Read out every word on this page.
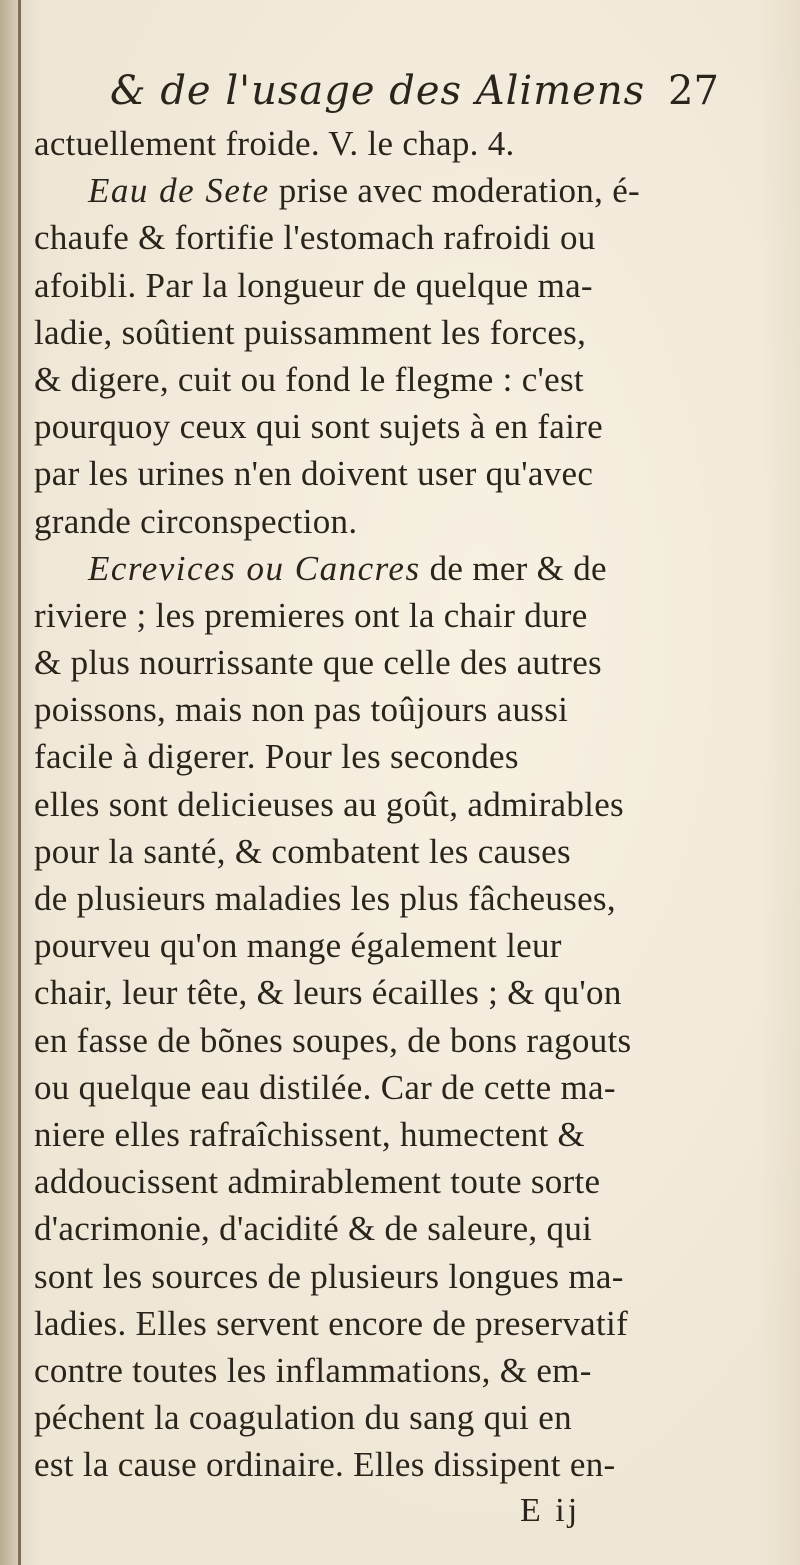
& de l'usage des Alimens 27
actuellement froide. V. le chap. 4.
Eau de Sete prise avec moderation, é-
chaufe & fortifie l'estomach rafroidi ou
afoibli. Par la longueur de quelque ma-
ladie, soûtient puissamment les forces,
& digere, cuit ou fond le flegme : c'est
pourquoy ceux qui sont sujets à en faire
par les urines n'en doivent user qu'avec
grande circonspection.
Ecrevices ou Cancres de mer & de
riviere ; les premieres ont la chair dure
& plus nourrissante que celle des autres
poissons, mais non pas toûjours aussi
facile à digerer. Pour les secondes
elles sont delicieuses au goût, admirables
pour la santé, & combatent les causes
de plusieurs maladies les plus fâcheuses,
pourveu qu'on mange également leur
chair, leur tête, & leurs écailles ; & qu'on
en fasse de bõnes soupes, de bons ragouts
ou quelque eau distilée. Car de cette ma-
niere elles rafraîchissent, humectent &
addoucissent admirablement toute sorte
d'acrimonie, d'acidité & de saleure, qui
sont les sources de plusieurs longues ma-
ladies. Elles servent encore de preservatif
contre toutes les inflammations, & em-
péchent la coagulation du sang qui en
est la cause ordinaire. Elles dissipent en-
E ij
